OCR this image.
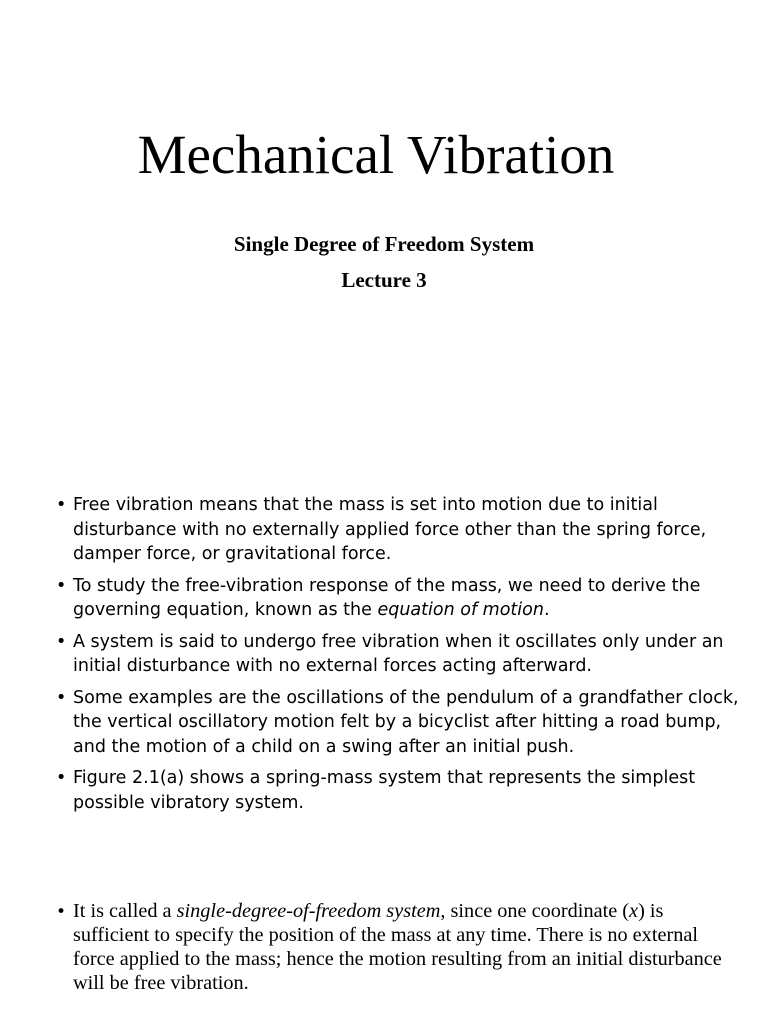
Mechanical Vibration

Single Degree of Freedom System

Lecture 3

• Free vibration means that the mass is set into motion due to initial disturbance with no externally applied force other than the spring force, damper force, or gravitational force.
• To study the free-vibration response of the mass, we need to derive the governing equation, known as the equation of motion.
• A system is said to undergo free vibration when it oscillates only under an initial disturbance with no external forces acting afterward.
• Some examples are the oscillations of the pendulum of a grandfather clock, the vertical oscillatory motion felt by a bicyclist after hitting a road bump, and the motion of a child on a swing after an initial push.
• Figure 2.1(a) shows a spring-mass system that represents the simplest possible vibratory system.

• It is called a single-degree-of-freedom system, since one coordinate (x) is sufficient to specify the position of the mass at any time. There is no external force applied to the mass; hence the motion resulting from an initial disturbance will be free vibration.
